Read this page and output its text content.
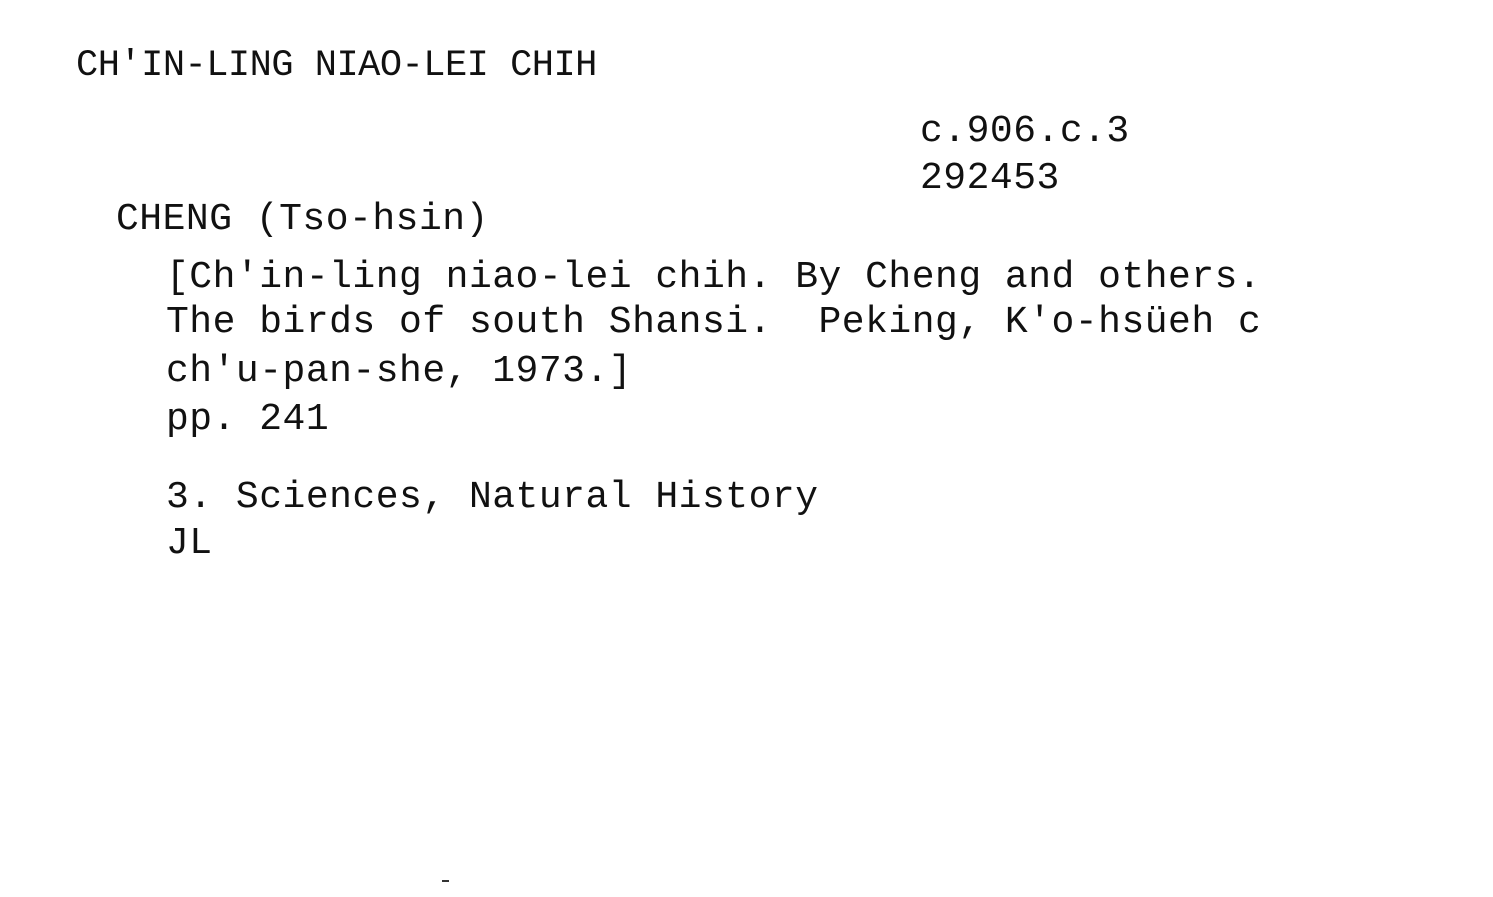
CH'IN-LING NIAO-LEI CHIH
c.906.c.3
292453
CHENG (Tso-hsin)
[Ch'in-ling niao-lei chih. By Cheng and others.
The birds of south Shansi.  Peking, K'o-hsüeh c
ch'u-pan-she, 1973.]
pp. 241
3. Sciences, Natural History
JL
